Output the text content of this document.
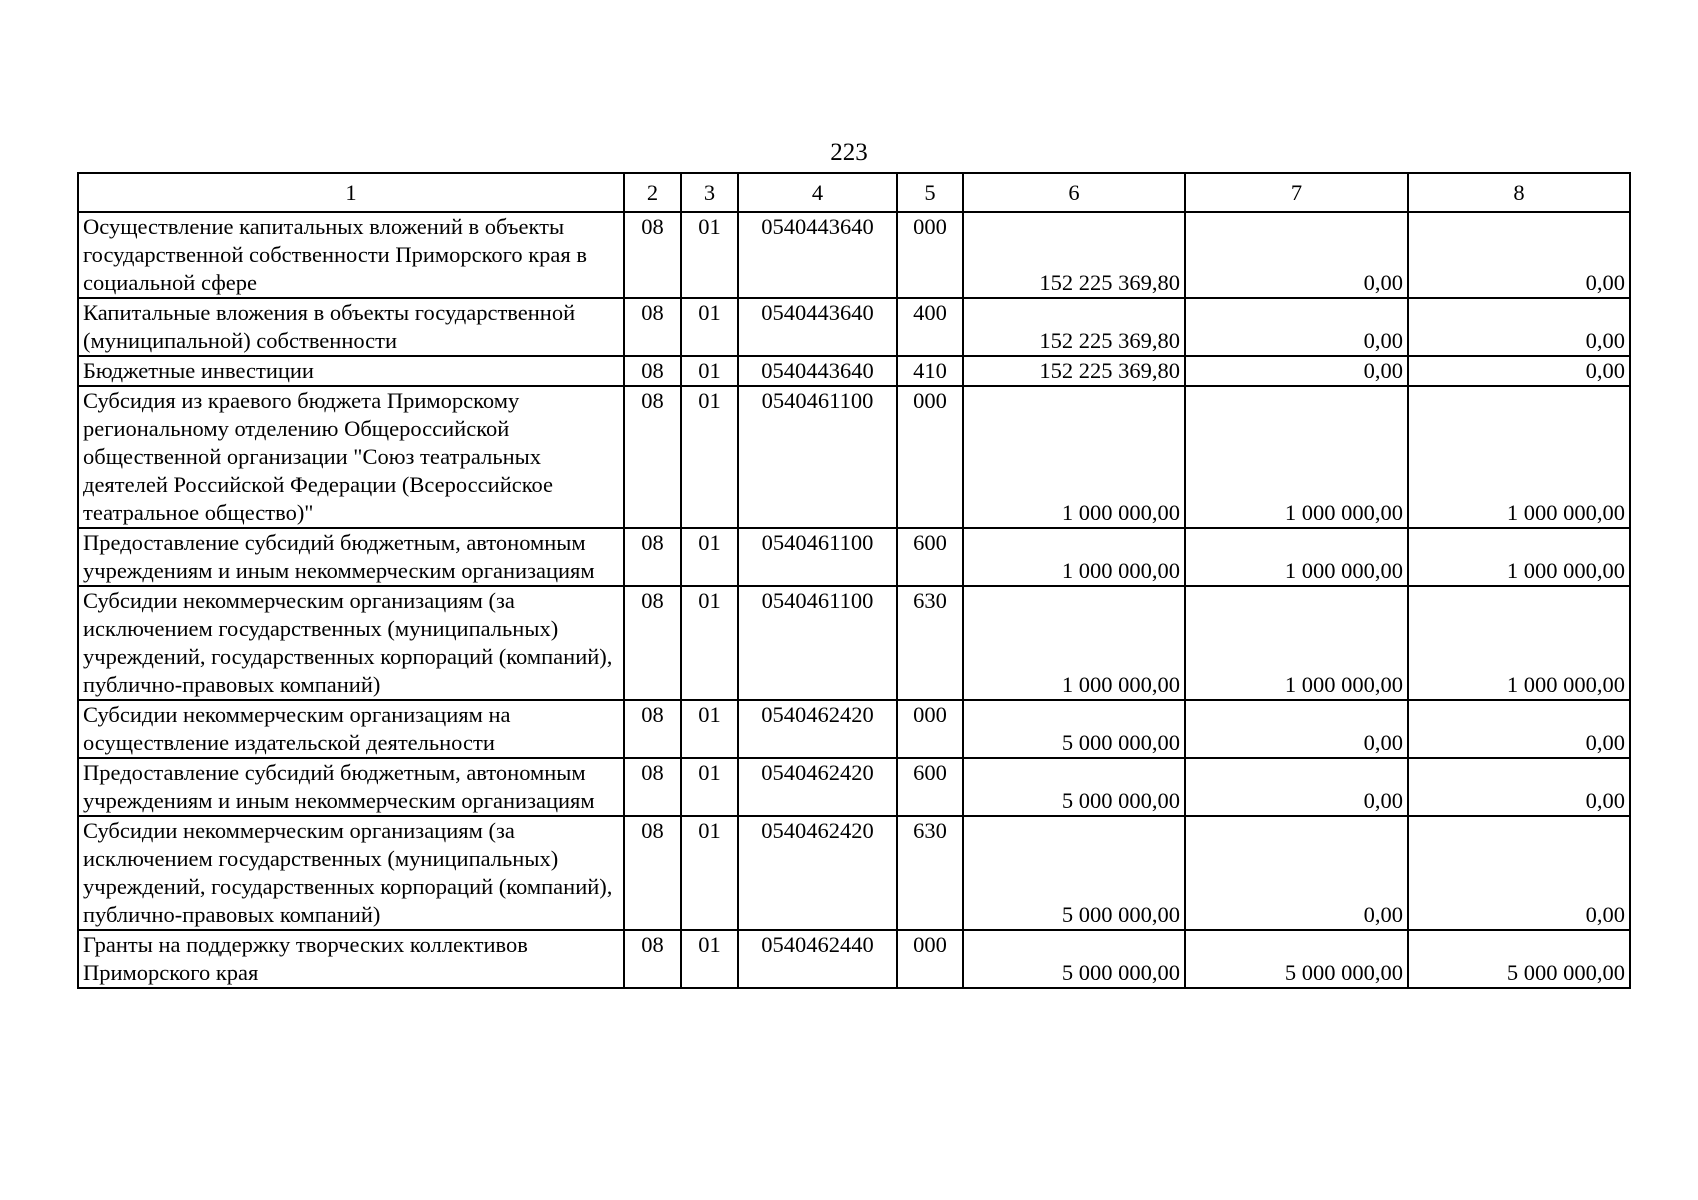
223
1	2	3	4	5	6	7	8
Осуществление капитальных вложений в объекты государственной собственности Приморского края в социальной сфере	08	01	0540443640	000	152 225 369,80	0,00	0,00
Капитальные вложения в объекты государственной (муниципальной) собственности	08	01	0540443640	400	152 225 369,80	0,00	0,00
Бюджетные инвестиции	08	01	0540443640	410	152 225 369,80	0,00	0,00
Субсидия из краевого бюджета Приморскому региональному отделению Общероссийской общественной организации "Союз театральных деятелей Российской Федерации (Всероссийское театральное общество)"	08	01	0540461100	000	1 000 000,00	1 000 000,00	1 000 000,00
Предоставление субсидий бюджетным, автономным учреждениям и иным некоммерческим организациям	08	01	0540461100	600	1 000 000,00	1 000 000,00	1 000 000,00
Субсидии некоммерческим организациям (за исключением государственных (муниципальных) учреждений, государственных корпораций (компаний), публично-правовых компаний)	08	01	0540461100	630	1 000 000,00	1 000 000,00	1 000 000,00
Субсидии некоммерческим организациям на осуществление издательской деятельности	08	01	0540462420	000	5 000 000,00	0,00	0,00
Предоставление субсидий бюджетным, автономным учреждениям и иным некоммерческим организациям	08	01	0540462420	600	5 000 000,00	0,00	0,00
Субсидии некоммерческим организациям (за исключением государственных (муниципальных) учреждений, государственных корпораций (компаний), публично-правовых компаний)	08	01	0540462420	630	5 000 000,00	0,00	0,00
Гранты на поддержку творческих коллективов Приморского края	08	01	0540462440	000	5 000 000,00	5 000 000,00	5 000 000,00
